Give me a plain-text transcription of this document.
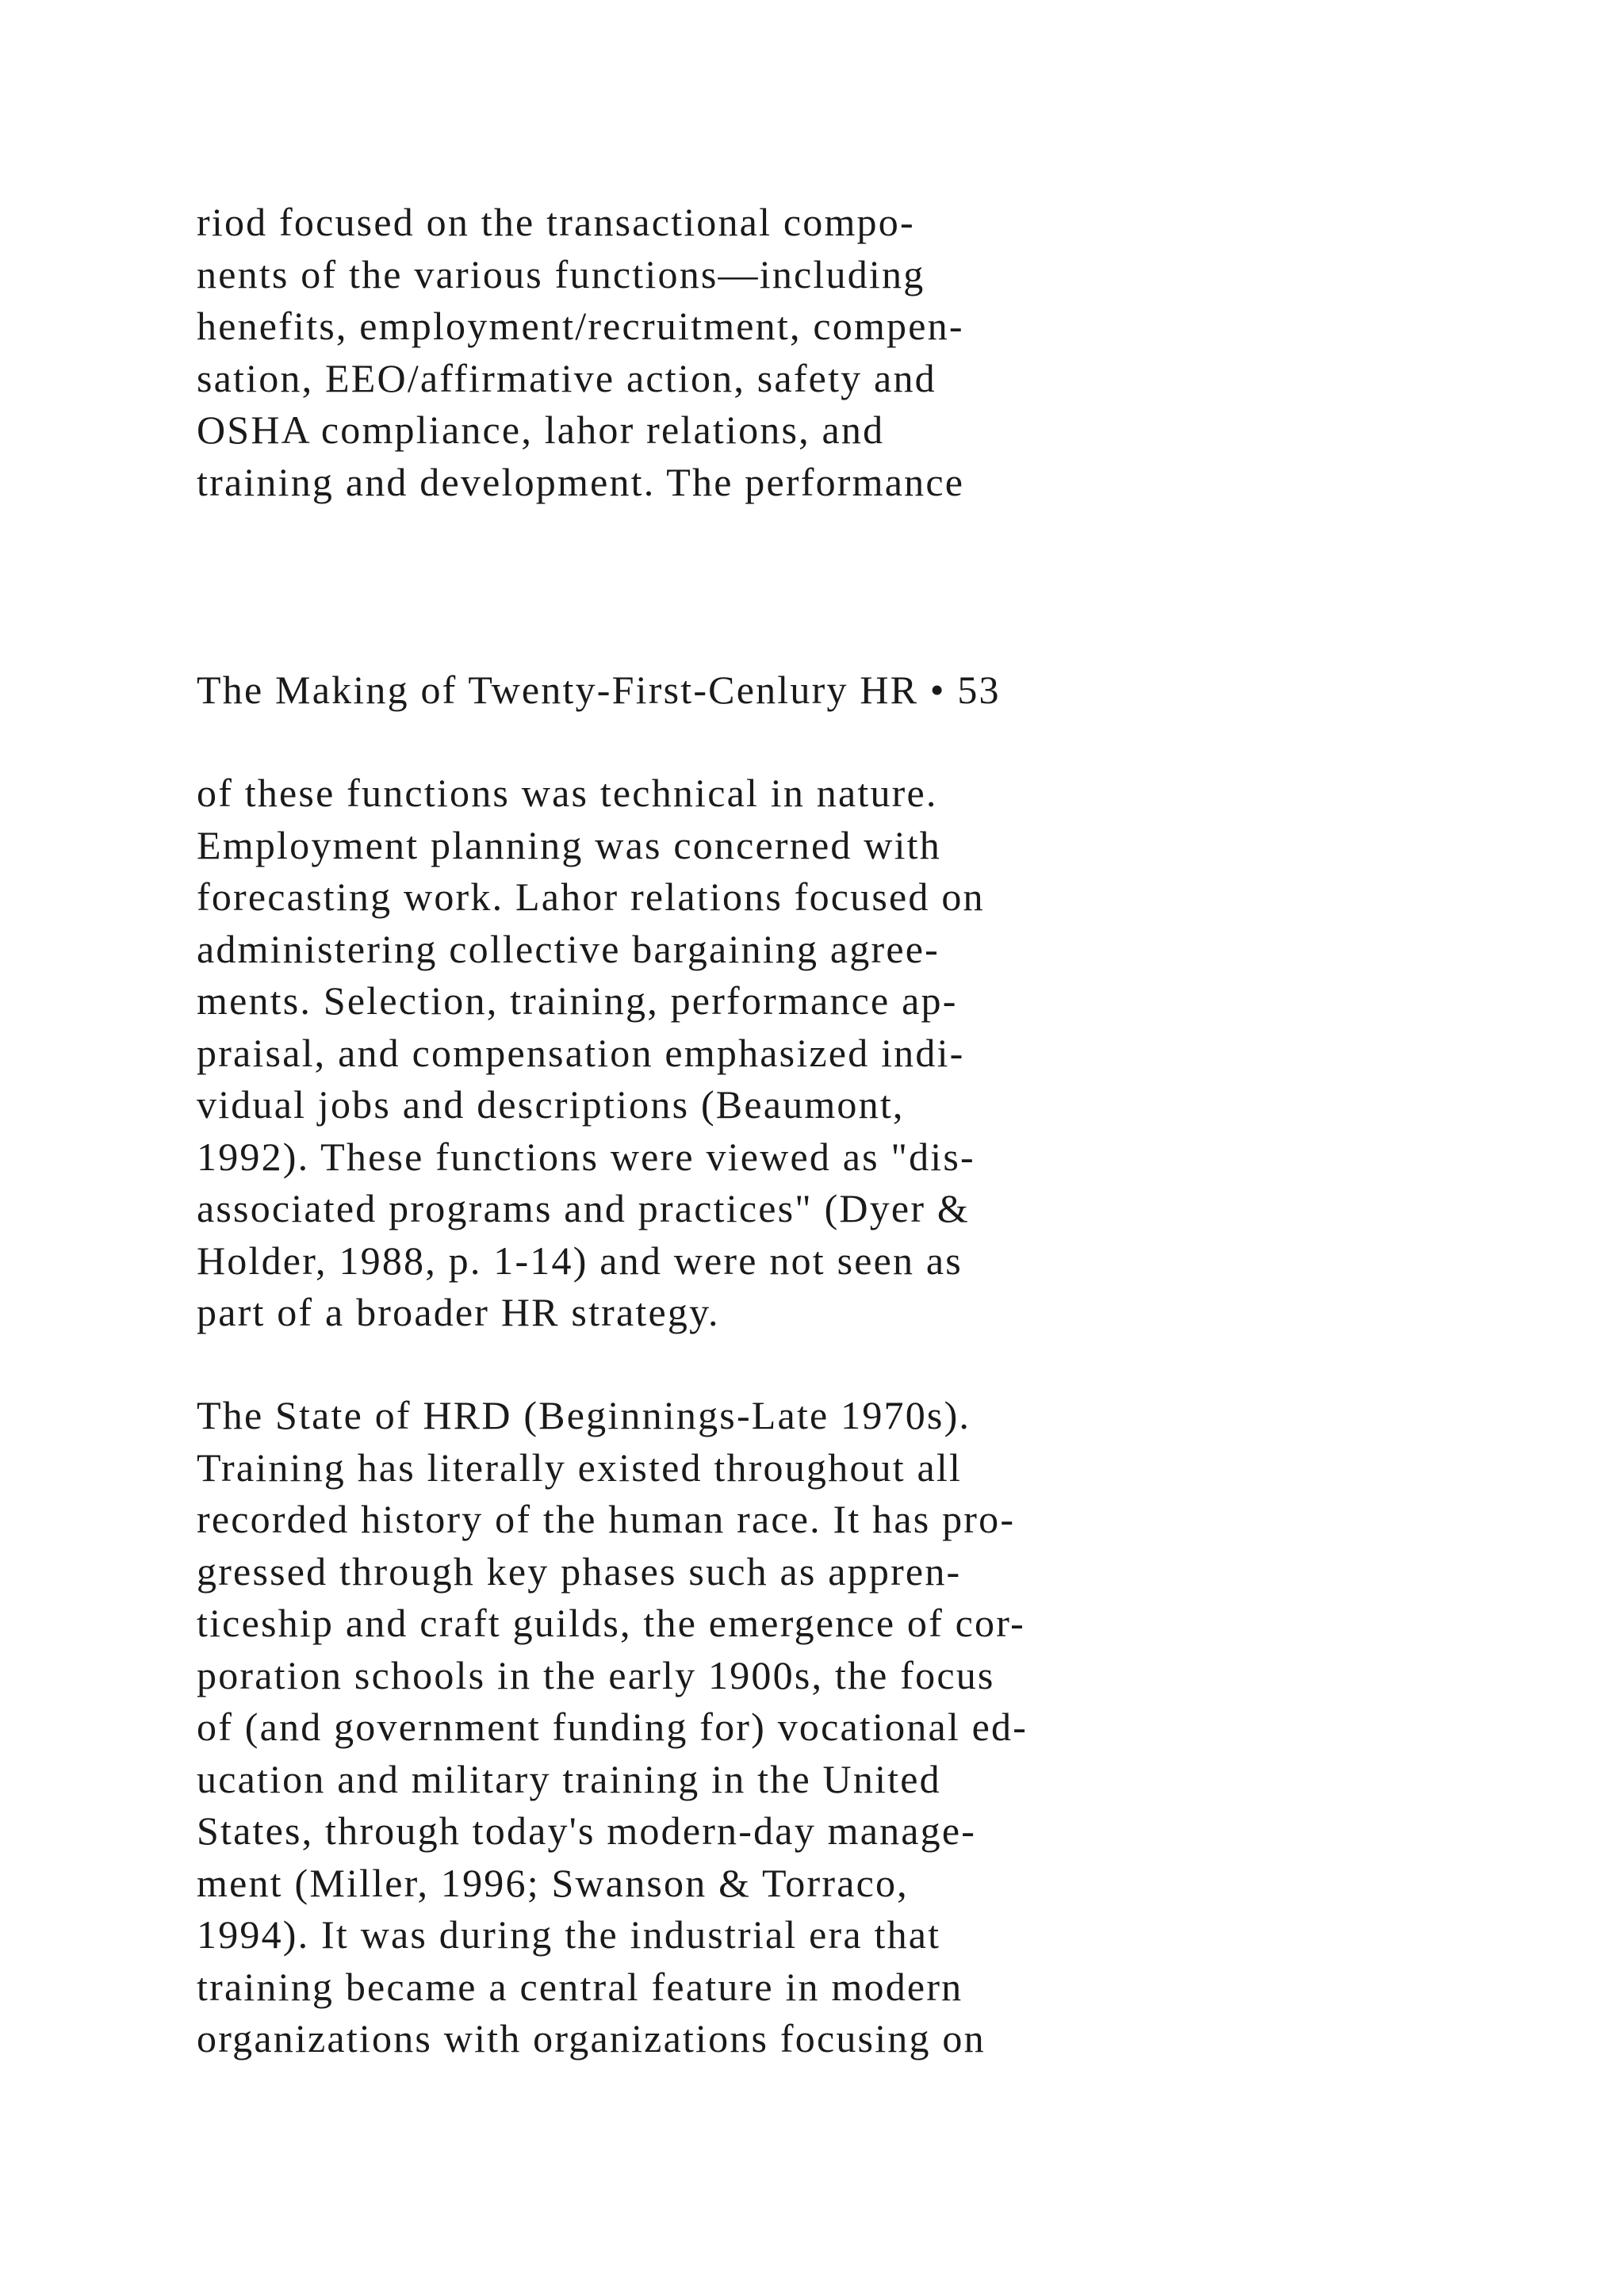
riod focused on the transactional compo-
nents of the various functions—including
henefits, employment/recruitment, compen-
sation, EEO/affirmative action, safety and
OSHA compliance, lahor relations, and
training and development. The performance
The Making of Twenty-First-Cenlury HR • 53
of these functions was technical in nature.
Employment planning was concerned with
forecasting work. Lahor relations focused on
administering collective bargaining agree-
ments. Selection, training, performance ap-
praisal, and compensation emphasized indi-
vidual jobs and descriptions (Beaumont,
1992). These functions were viewed as "dis-
associated programs and practices" (Dyer &
Holder, 1988, p. 1-14) and were not seen as
part of a broader HR strategy.
The State of HRD (Beginnings-Late 1970s).
Training has literally existed throughout all
recorded history of the human race. It has pro-
gressed through key phases such as appren-
ticeship and craft guilds, the emergence of cor-
poration schools in the early 1900s, the focus
of (and government funding for) vocational ed-
ucation and military training in the United
States, through today's modern-day manage-
ment (Miller, 1996; Swanson & Torraco,
1994). It was during the industrial era that
training became a central feature in modern
organizations with organizations focusing on
